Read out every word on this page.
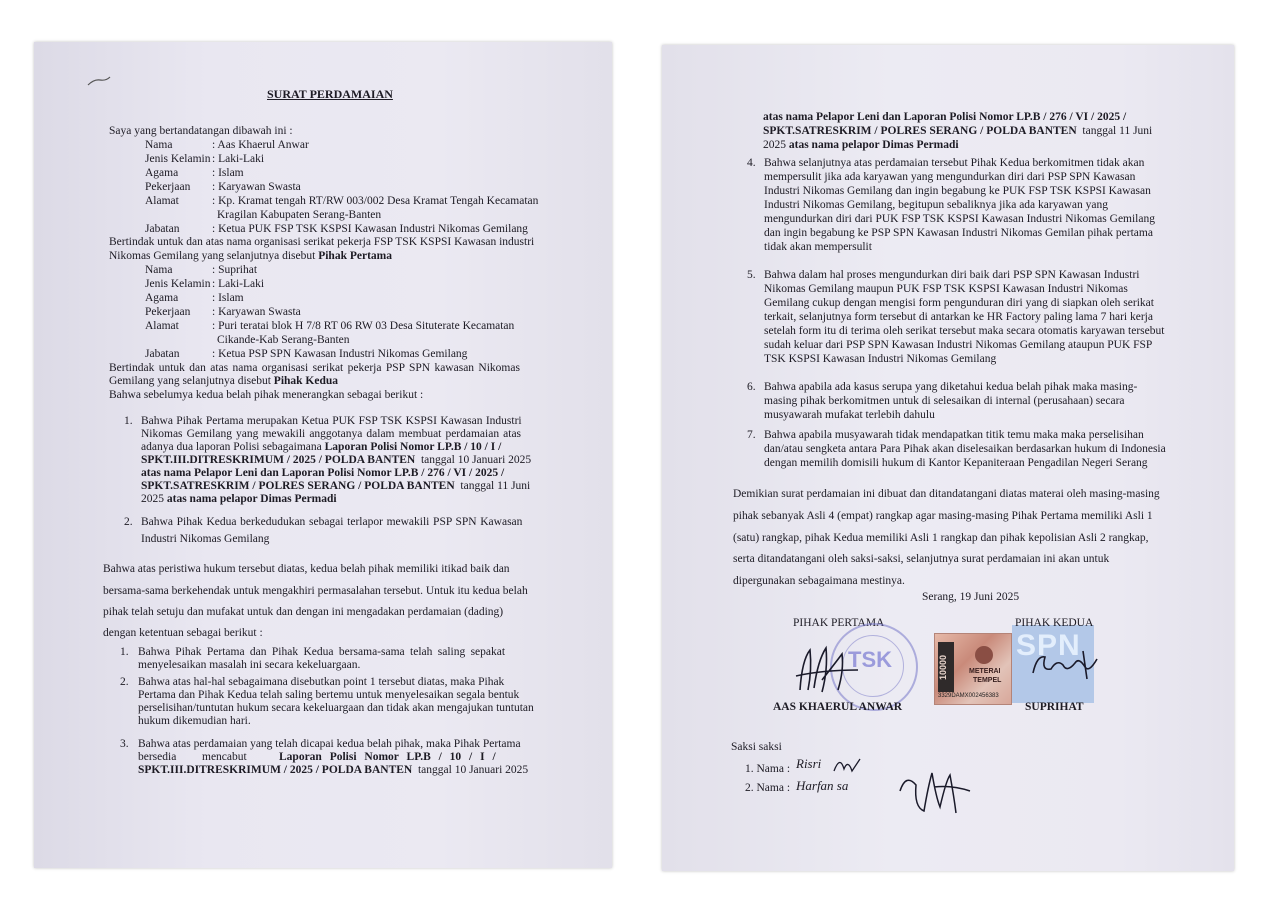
SURAT PERDAMAIAN
Saya yang bertandatangan dibawah ini :
Nama	: Aas Khaerul Anwar
Jenis Kelamin : Laki-Laki
Agama	: Islam
Pekerjaan : Karyawan Swasta
Alamat	: Kp. Kramat tengah RT/RW 003/002 Desa Kramat Tengah Kecamatan
Kragilan Kabupaten Serang-Banten
Jabatan	: Ketua PUK FSP TSK KSPSI Kawasan Industri Nikomas Gemilang
Bertindak untuk dan atas nama organisasi serikat pekerja FSP TSK KSPSI Kawasan industri
Nikomas Gemilang yang selanjutnya disebut Pihak Pertama
Nama	: Suprihat
Jenis Kelamin : Laki-Laki
Agama	: Islam
Pekerjaan : Karyawan Swasta
Alamat	: Puri teratai blok H 7/8 RT 06 RW 03 Desa Situterate Kecamatan
Cikande-Kab Serang-Banten
Jabatan	: Ketua PSP SPN Kawasan Industri Nikomas Gemilang
Bertindak untuk dan atas nama organisasi serikat pekerja PSP SPN kawasan Nikomas
Gemilang yang selanjutnya disebut Pihak Kedua
Bahwa sebelumya kedua belah pihak menerangkan sebagai berikut :
1. Bahwa Pihak Pertama merupakan Ketua PUK FSP TSK KSPSI Kawasan Industri
Nikomas Gemilang yang mewakili anggotanya dalam membuat perdamaian atas
adanya dua laporan Polisi sebagaimana Laporan Polisi Nomor LP.B / 10 / I /
SPKT.III.DITRESKRIMUM / 2025 / POLDA BANTEN tanggal 10 Januari 2025
atas nama Pelapor Leni dan Laporan Polisi Nomor LP.B / 276 / VI / 2025 /
SPKT.SATRESKRIM / POLRES SERANG / POLDA BANTEN tanggal 11 Juni
2025 atas nama pelapor Dimas Permadi
2. Bahwa Pihak Kedua berkedudukan sebagai terlapor mewakili PSP SPN Kawasan
Industri Nikomas Gemilang
Bahwa atas peristiwa hukum tersebut diatas, kedua belah pihak memiliki itikad baik dan
bersama-sama berkehendak untuk mengakhiri permasalahan tersebut. Untuk itu kedua belah
pihak telah setuju dan mufakat untuk dan dengan ini mengadakan perdamaian (dading)
dengan ketentuan sebagai berikut :
1. Bahwa Pihak Pertama dan Pihak Kedua bersama-sama telah saling sepakat
menyelesaikan masalah ini secara kekeluargaan.
2. Bahwa atas hal-hal sebagaimana disebutkan point 1 tersebut diatas, maka Pihak
Pertama dan Pihak Kedua telah saling bertemu untuk menyelesaikan segala bentuk
perselisihan/tuntutan hukum secara kekeluargaan dan tidak akan mengajukan tuntutan
hukum dikemudian hari.
3. Bahwa atas perdamaian yang telah dicapai kedua belah pihak, maka Pihak Pertama
bersedia mencabut	Laporan Polisi Nomor LP.B / 10 / I /
SPKT.III.DITRESKRIMUM / 2025 / POLDA BANTEN tanggal 10 Januari 2025
atas nama Pelapor Leni dan Laporan Polisi Nomor LP.B / 276 / VI / 2025 /
SPKT.SATRESKRIM / POLRES SERANG / POLDA BANTEN tanggal 11 Juni
2025 atas nama pelapor Dimas Permadi
4. Bahwa selanjutnya atas perdamaian tersebut Pihak Kedua berkomitmen tidak akan
mempersulit jika ada karyawan yang mengundurkan diri dari PSP SPN Kawasan
Industri Nikomas Gemilang dan ingin begabung ke PUK FSP TSK KSPSI Kawasan
Industri Nikomas Gemilang, begitupun sebaliknya jika ada karyawan yang
mengundurkan diri dari PUK FSP TSK KSPSI Kawasan Industri Nikomas Gemilang
dan ingin begabung ke PSP SPN Kawasan Industri Nikomas Gemilan pihak pertama
tidak akan mempersulit
5. Bahwa dalam hal proses mengundurkan diri baik dari PSP SPN Kawasan Industri
Nikomas Gemilang maupun PUK FSP TSK KSPSI Kawasan Industri Nikomas
Gemilang cukup dengan mengisi form pengunduran diri yang di siapkan oleh serikat
terkait, selanjutnya form tersebut di antarkan ke HR Factory paling lama 7 hari kerja
setelah form itu di terima oleh serikat tersebut maka secara otomatis karyawan tersebut
sudah keluar dari PSP SPN Kawasan Industri Nikomas Gemilang ataupun PUK FSP
TSK KSPSI Kawasan Industri Nikomas Gemilang
6. Bahwa apabila ada kasus serupa yang diketahui kedua belah pihak maka masing-
masing pihak berkomitmen untuk di selesaikan di internal (perusahaan) secara
musyawarah mufakat terlebih dahulu
7. Bahwa apabila musyawarah tidak mendapatkan titik temu maka maka perselisihan
dan/atau sengketa antara Para Pihak akan diselesaikan berdasarkan hukum di Indonesia
dengan memilih domisili hukum di Kantor Kepaniteraan Pengadilan Negeri Serang
Demikian surat perdamaian ini dibuat dan ditandatangani diatas materai oleh masing-masing
pihak sebanyak Asli 4 (empat) rangkap agar masing-masing Pihak Pertama memiliki Asli 1
(satu) rangkap, pihak Kedua memiliki Asli 1 rangkap dan pihak kepolisian Asli 2 rangkap,
serta ditandatangani oleh saksi-saksi, selanjutnya surat perdamaian ini akan untuk
dipergunakan sebagaimana mestinya.
Serang, 19 Juni 2025
PIHAK PERTAMA	PIHAK KEDUA
TSK	10000	METERAI
TEMPEL
3329DAMX002456383
SPN
AAS KHAERUL ANWAR	SUPRIHAT
Saksi saksi
1. Nama :
2. Nama :
Risri
Harfan sa
